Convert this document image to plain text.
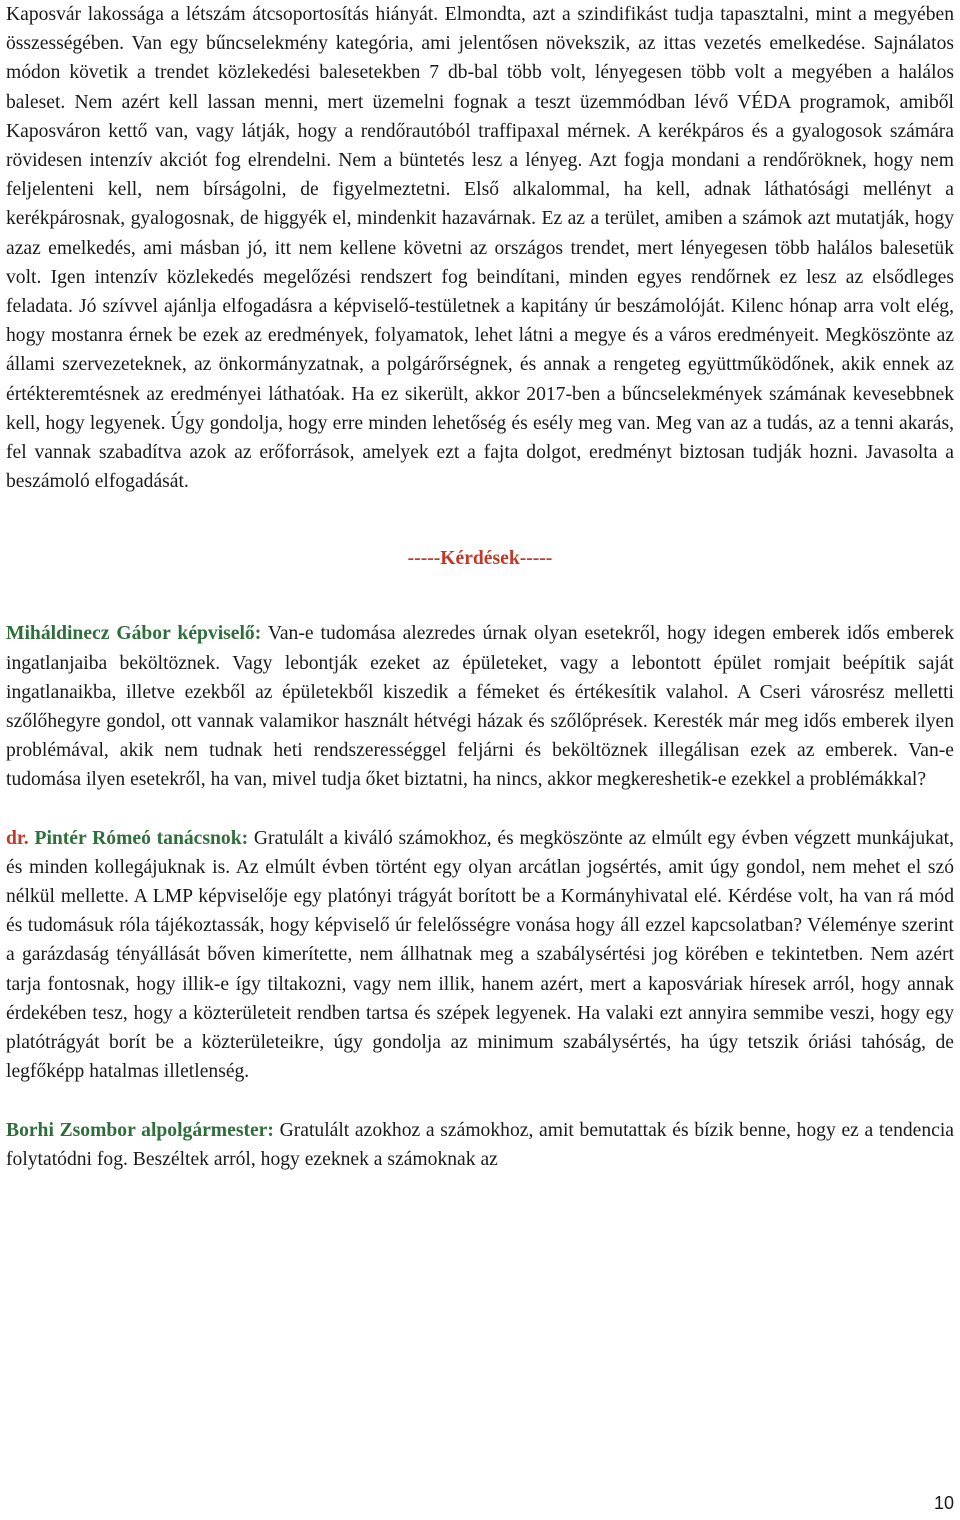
Kaposvár lakossága a létszám átcsoportosítás hiányát. Elmondta, azt a szindifikást tudja tapasztalni, mint a megyében összességében. Van egy bűncselekmény kategória, ami jelentősen növekszik, az ittas vezetés emelkedése. Sajnálatos módon követik a trendet közlekedési balesetekben 7 db-bal több volt, lényegesen több volt a megyében a halálos baleset. Nem azért kell lassan menni, mert üzemelni fognak a teszt üzemmódban lévő VÉDA programok, amiből Kaposváron kettő van, vagy látják, hogy a rendőrautóból traffipaxal mérnek. A kerékpáros és a gyalogosok számára rövidesen intenzív akciót fog elrendelni. Nem a büntetés lesz a lényeg. Azt fogja mondani a rendőröknek, hogy nem feljelenteni kell, nem bírságolni, de figyelmeztetni. Első alkalommal, ha kell, adnak láthatósági mellényt a kerékpárosnak, gyalogosnak, de higgyék el, mindenkit hazavárnak. Ez az a terület, amiben a számok azt mutatják, hogy azaz emelkedés, ami másban jó, itt nem kellene követni az országos trendet, mert lényegesen több halálos balesetük volt. Igen intenzív közlekedés megelőzési rendszert fog beindítani, minden egyes rendőrnek ez lesz az elsődleges feladata. Jó szívvel ajánlja elfogadásra a képviselő-testületnek a kapitány úr beszámolóját. Kilenc hónap arra volt elég, hogy mostanra érnek be ezek az eredmények, folyamatok, lehet látni a megye és a város eredményeit. Megköszönte az állami szervezeteknek, az önkormányzatnak, a polgárőrségnek, és annak a rengeteg együttműködőnek, akik ennek az értékteremtésnek az eredményei láthatóak. Ha ez sikerült, akkor 2017-ben a bűncselekmények számának kevesebbnek kell, hogy legyenek. Úgy gondolja, hogy erre minden lehetőség és esély meg van. Meg van az a tudás, az a tenni akarás, fel vannak szabadítva azok az erőforrások, amelyek ezt a fajta dolgot, eredményt biztosan tudják hozni. Javasolta a beszámoló elfogadását.

-----Kérdések-----

Miháldinecz Gábor képviselő: Van-e tudomása alezredes úrnak olyan esetekről, hogy idegen emberek idős emberek ingatlanjaiba beköltöznek. Vagy lebontják ezeket az épületeket, vagy a lebontott épület romjait beépítik saját ingatlanaikba, illetve ezekből az épületekből kiszedik a fémeket és értékesítik valahol. A Cseri városrész melletti szőlőhegyre gondol, ott vannak valamikor használt hétvégi házak és szőlőprések. Keresték már meg idős emberek ilyen problémával, akik nem tudnak heti rendszerességgel feljárni és beköltöznek illegálisan ezek az emberek. Van-e tudomása ilyen esetekről, ha van, mivel tudja őket biztatni, ha nincs, akkor megkereshetik-e ezekkel a problémákkal?

dr. Pintér Rómeó tanácsnok: Gratulált a kiváló számokhoz, és megköszönte az elmúlt egy évben végzett munkájukat, és minden kollegájuknak is. Az elmúlt évben történt egy olyan arcátlan jogsértés, amit úgy gondol, nem mehet el szó nélkül mellette. A LMP képviselője egy platónyi trágyát borított be a Kormányhivatal elé. Kérdése volt, ha van rá mód és tudomásuk róla tájékoztassák, hogy képviselő úr felelősségre vonása hogy áll ezzel kapcsolatban? Véleménye szerint a garázdaság tényállását bőven kimerítette, nem állhatnak meg a szabálysértési jog körében e tekintetben. Nem azért tarja fontosnak, hogy illik-e így tiltakozni, vagy nem illik, hanem azért, mert a kaposváriak híresek arról, hogy annak érdekében tesz, hogy a közterületeit rendben tartsa és szépek legyenek. Ha valaki ezt annyira semmibe veszi, hogy egy platótrágyát borít be a közterületeikre, úgy gondolja az minimum szabálysértés, ha úgy tetszik óriási tahóság, de legfőképp hatalmas illetlenség.

Borhi Zsombor alpolgármester: Gratulált azokhoz a számokhoz, amit bemutattak és bízik benne, hogy ez a tendencia folytatódni fog. Beszéltek arról, hogy ezeknek a számoknak az

10
